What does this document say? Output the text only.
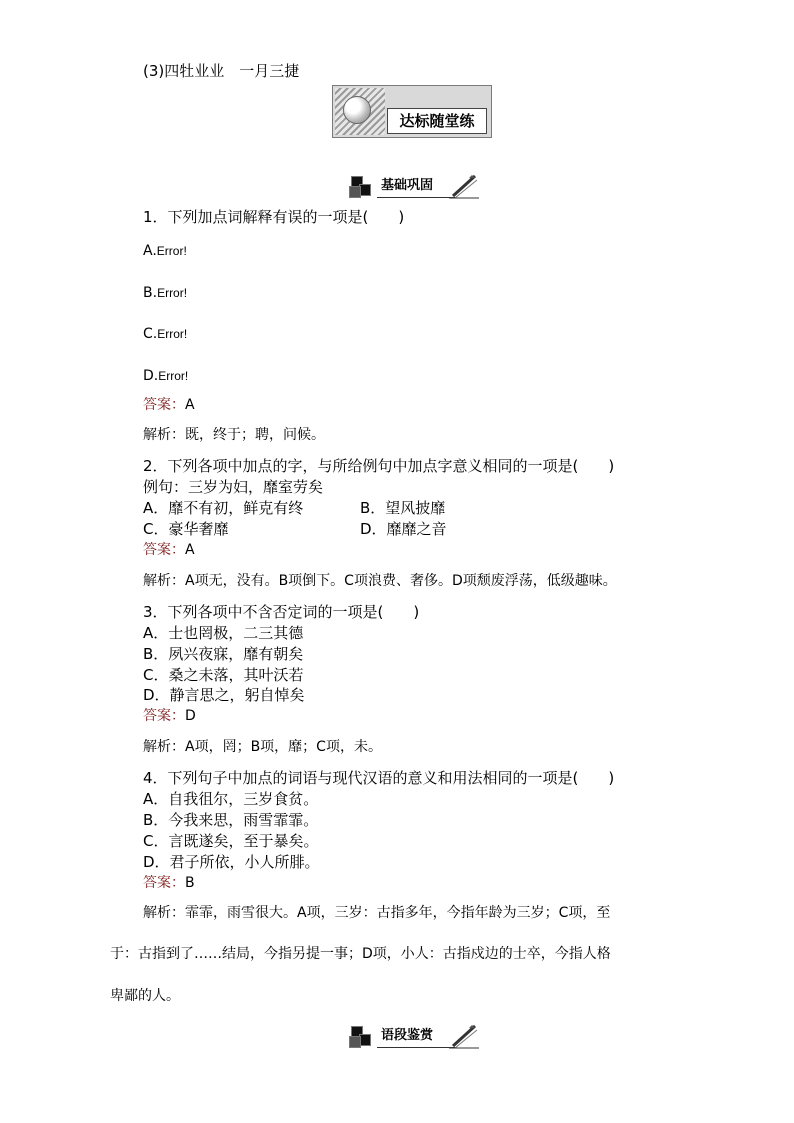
(3)四牡业业　一月三捷
达标随堂练
基础巩固
1．下列加点词解释有误的一项是(　　)
A.Error!
B.Error!
C.Error!
D.Error!
答案：A
解析：既，终于；聘，问候。
2．下列各项中加点的字，与所给例句中加点字意义相同的一项是(　　)
例句：三岁为妇，靡室劳矣
A．靡不有初，鲜克有终	B．望风披靡
C．豪华奢靡	D．靡靡之音
答案：A
解析：A项无，没有。B项倒下。C项浪费、奢侈。D项颓废浮荡，低级趣味。
3．下列各项中不含否定词的一项是(　　)
A．士也罔极，二三其德
B．夙兴夜寐，靡有朝矣
C．桑之未落，其叶沃若
D．静言思之，躬自悼矣
答案：D
解析：A项，罔；B项，靡；C项，未。
4．下列句子中加点的词语与现代汉语的意义和用法相同的一项是(　　)
A．自我徂尔，三岁食贫。
B．今我来思，雨雪霏霏。
C．言既遂矣，至于暴矣。
D．君子所依，小人所腓。
答案：B
解析：霏霏，雨雪很大。A项，三岁：古指多年，今指年龄为三岁；C项，至
于：古指到了……结局，今指另提一事；D项，小人：古指戍边的士卒，今指人格
卑鄙的人。
语段鉴赏
